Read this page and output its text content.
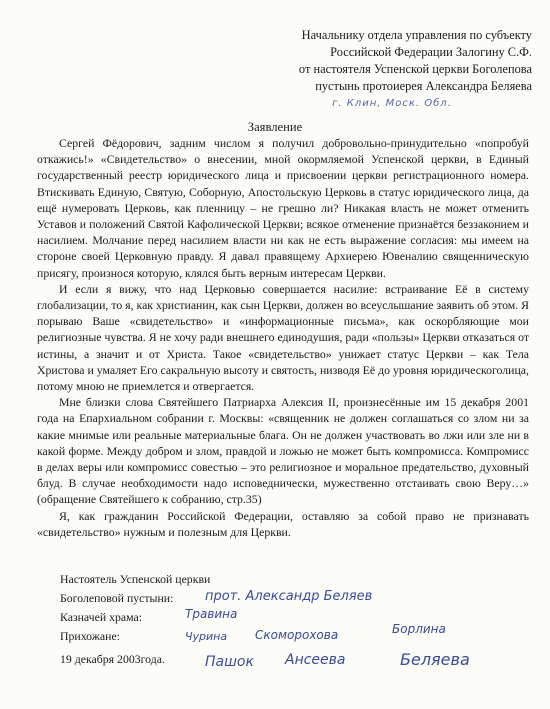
Начальнику отдела управления по субъекту
Российской Федерации Залогину С.Ф.
от настоятеля Успенской церкви Боголепова
пустынь протоиерея Александра Беляева
г. Клин, Моск. Обл.
Заявление

Сергей Фёдорович, задним числом я получил добровольно-принудительно «попробуй откажись!» «Свидетельство» о внесении, мной окормляемой Успенской церкви, в Единый государственный реестр юридического лица и присвоении церкви регистрационного номера. Втискивать Единую, Святую, Соборную, Апостольскую Церковь в статус юридического лица, да ещё нумеровать Церковь, как пленницу – не грешно ли? Никакая власть не может отменить Уставов и положений Святой Кафолической Церкви; всякое отменение признаётся беззаконием и насилием. Молчание перед насилием власти ни как не есть выражение согласия: мы имеем на стороне своей Церковную правду. Я давал правящему Архиерею Ювеналию священническую присягу, произнося которую, клялся быть верным интересам Церкви.

И если я вижу, что над Церковью совершается насилие: встраивание Её в систему глобализации, то я, как христианин, как сын Церкви, должен во всеуслышание заявить об этом. Я порываю Ваше «свидетельство» и «информационные письма», как оскорбляющие мои религиозные чувства. Я не хочу ради внешнего единодушия, ради «пользы» Церкви отказаться от истины, а значит и от Христа. Такое «свидетельство» унижает статус Церкви – как Тела Христова и умаляет Его сакральную высоту и святость, низводя Её до уровня юридическоголица, потому мною не приемлется и отвергается.

Мне близки слова Святейшего Патриарха Алексия II, произнесённые им 15 декабря 2001 года на Епархиальном собрании г. Москвы: «священник не должен соглашаться со злом ни за какие мнимые или реальные материальные блага. Он не должен участвовать во лжи или зле ни в какой форме. Между добром и злом, правдой и ложью не может быть компромисса. Компромисс в делах веры или компромисс совестью – это религиозное и моральное предательство, духовный блуд. В случае необходимости надо исповеднически, мужественно отстаивать свою Веру…» (обращение Святейшего к собранию, стр.35)

Я, как гражданин Российской Федерации, оставляю за собой право не признавать «свидетельство» нужным и полезным для Церкви.

Настоятель Успенской церкви
Боголеповой пустыни:
Казначей храма:
Прихожане:
прот. Александр Беляев
Травина
Чурина Скоморохова	Борлина
Пашок Ансеева	Беляева
19 декабря 2003года.
